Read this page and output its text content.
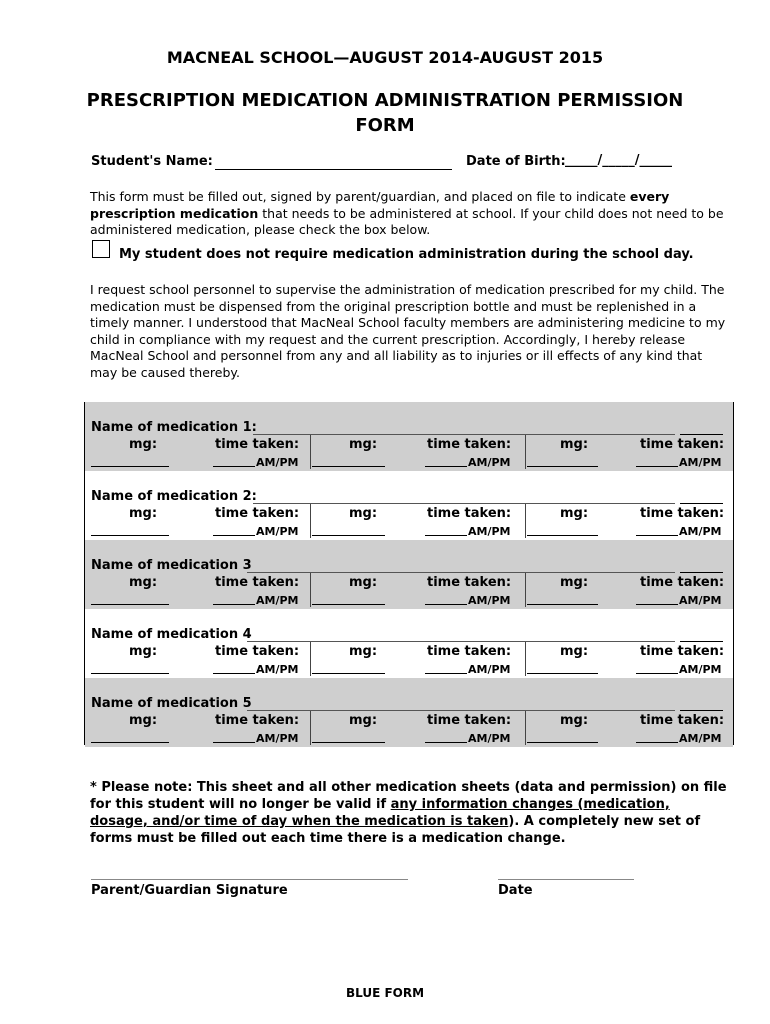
MACNEAL SCHOOL—AUGUST 2014-AUGUST 2015
PRESCRIPTION MEDICATION ADMINISTRATION PERMISSION FORM
Student's Name:	Date of Birth: _____/_____/_____
This form must be filled out, signed by parent/guardian, and placed on file to indicate every prescription medication that needs to be administered at school. If your child does not need to be administered medication, please check the box below.
My student does not require medication administration during the school day.
I request school personnel to supervise the administration of medication prescribed for my child. The medication must be dispensed from the original prescription bottle and must be replenished in a timely manner. I understood that MacNeal School faculty members are administering medicine to my child in compliance with my request and the current prescription. Accordingly, I hereby release MacNeal School and personnel from any and all liability as to injuries or ill effects of any kind that may be caused thereby.
Name of medication 1:
mg:	mg:	mg:
time taken:	time taken:	time taken:
AM/PM	AM/PM	AM/PM
Name of medication 2:
mg:	mg:	mg:
time taken:	time taken:	time taken:
AM/PM	AM/PM	AM/PM
Name of medication 3
mg:	mg:	mg:
time taken:	time taken:	time taken:
AM/PM	AM/PM	AM/PM
Name of medication 4
mg:	mg:	mg:
time taken:	time taken:	time taken:
AM/PM	AM/PM	AM/PM
Name of medication 5
mg:	mg:	mg:
time taken:	time taken:	time taken:
AM/PM	AM/PM	AM/PM
* Please note: This sheet and all other medication sheets (data and permission) on file for this student will no longer be valid if any information changes (medication, dosage, and/or time of day when the medication is taken). A completely new set of forms must be filled out each time there is a medication change.
Parent/Guardian Signature	Date
BLUE FORM
